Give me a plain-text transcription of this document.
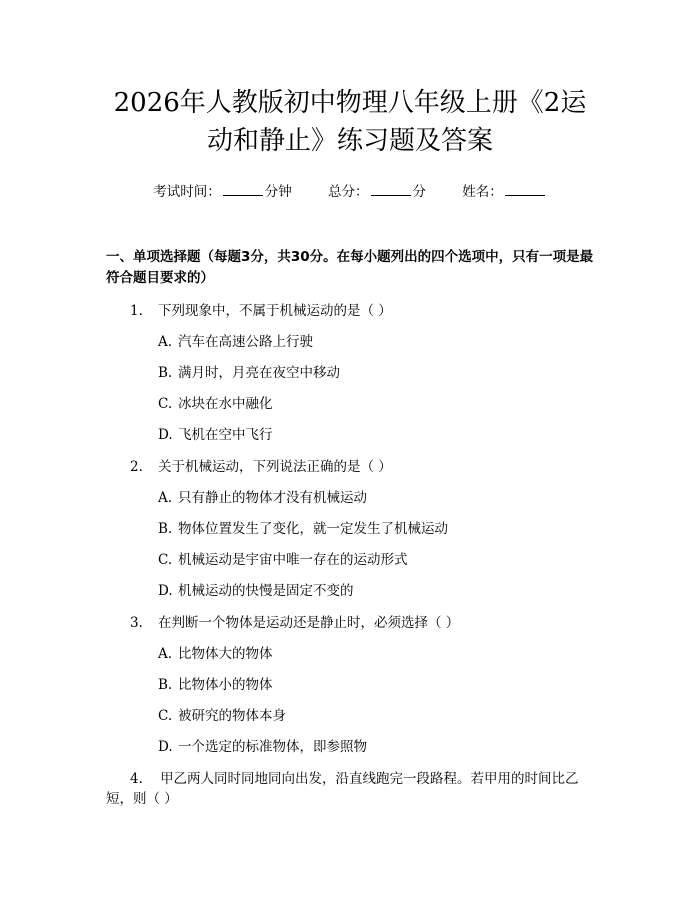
2026年人教版初中物理八年级上册《2运动和静止》练习题及答案
考试时间：	分钟	总分：	分	姓名：
一、单项选择题（每题3分，共30分。在每小题列出的四个选项中，只有一项是最符合题目要求的）
1.	下列现象中，不属于机械运动的是（ ）
A. 汽车在高速公路上行驶
B. 满月时，月亮在夜空中移动
C. 冰块在水中融化
D. 飞机在空中飞行
2.	关于机械运动，下列说法正确的是（ ）
A. 只有静止的物体才没有机械运动
B. 物体位置发生了变化，就一定发生了机械运动
C. 机械运动是宇宙中唯一存在的运动形式
D. 机械运动的快慢是固定不变的
3.	在判断一个物体是运动还是静止时，必须选择（ ）
A. 比物体大的物体
B. 比物体小的物体
C. 被研究的物体本身
D. 一个选定的标准物体，即参照物
4. 甲乙两人同时同地同向出发，沿直线跑完一段路程。若甲用的时间比乙短，则（ ）
